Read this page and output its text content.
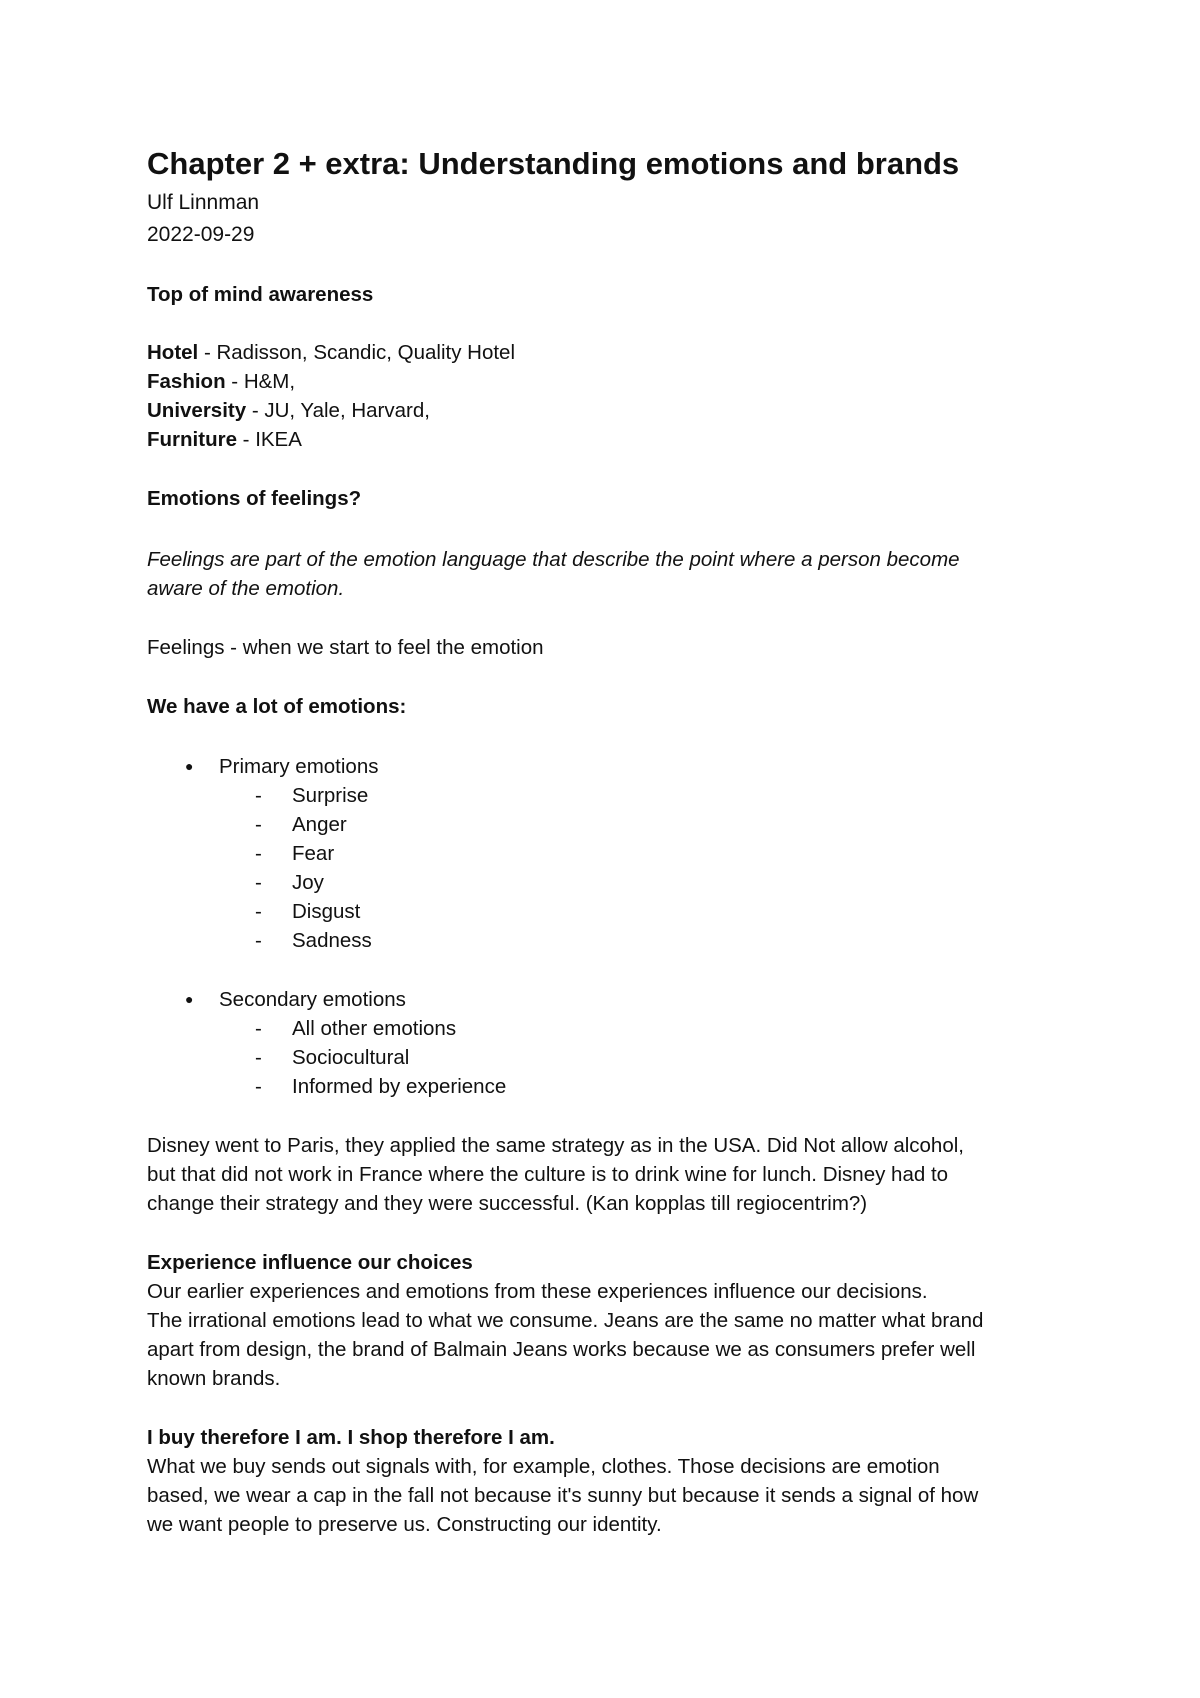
Chapter 2 + extra: Understanding emotions and brands
Ulf Linnman
2022-09-29
Top of mind awareness
Hotel - Radisson, Scandic, Quality Hotel
Fashion - H&M,
University - JU, Yale, Harvard,
Furniture - IKEA
Emotions of feelings?
Feelings are part of the emotion language that describe the point where a person become
aware of the emotion.
Feelings - when we start to feel the emotion
We have a lot of emotions:
● Primary emotions
- Surprise
- Anger
- Fear
- Joy
- Disgust
- Sadness
● Secondary emotions
- All other emotions
- Sociocultural
- Informed by experience
Disney went to Paris, they applied the same strategy as in the USA. Did Not allow alcohol,
but that did not work in France where the culture is to drink wine for lunch. Disney had to
change their strategy and they were successful. (Kan kopplas till regiocentrim?)
Experience influence our choices
Our earlier experiences and emotions from these experiences influence our decisions.
The irrational emotions lead to what we consume. Jeans are the same no matter what brand
apart from design, the brand of Balmain Jeans works because we as consumers prefer well
known brands.
I buy therefore I am. I shop therefore I am.
What we buy sends out signals with, for example, clothes. Those decisions are emotion
based, we wear a cap in the fall not because it's sunny but because it sends a signal of how
we want people to preserve us. Constructing our identity.
